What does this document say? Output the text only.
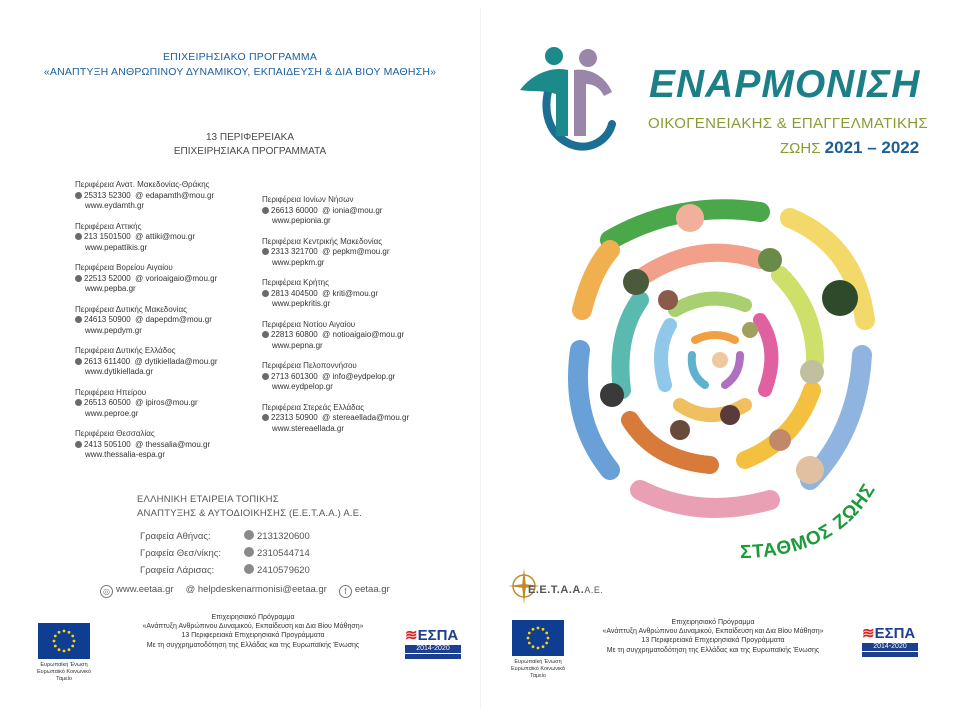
ΕΠΙΧΕΙΡΗΣΙΑΚΟ ΠΡΟΓΡΑΜΜΑ
«ΑΝΑΠΤΥΞΗ ΑΝΘΡΩΠΙΝΟΥ ΔΥΝΑΜΙΚΟΥ, ΕΚΠΑΙΔΕΥΣΗ & ΔΙΑ ΒΙΟΥ ΜΑΘΗΣΗ»
13 ΠΕΡΙΦΕΡΕΙΑΚΑ
ΕΠΙΧΕΙΡΗΣΙΑΚΑ ΠΡΟΓΡΑΜΜΑΤΑ
Περιφέρεια Ανατ. Μακεδονίας-Θράκης
25313 52300 @ edapamth@mou.gr
www.eydamth.gr
Περιφέρεια Αττικής
213 1501500 @ attiki@mou.gr
www.pepattikis.gr
Περιφέρεια Βορείου Αιγαίου
22513 52000 @ vorioaigaio@mou.gr
www.pepba.gr
Περιφέρεια Δυτικής Μακεδονίας
24613 50900 @ dapepdm@mou.gr
www.pepdym.gr
Περιφέρεια Δυτικής Ελλάδος
2613 611400 @ dytikiellada@mou.gr
www.dytikiellada.gr
Περιφέρεια Ηπείρου
26513 60500 @ ipiros@mou.gr
www.peproe.gr
Περιφέρεια Θεσσαλίας
2413 505100 @ thessalia@mou.gr
www.thessalia-espa.gr
Περιφέρεια Ιονίων Νήσων
26613 60000 @ ionia@mou.gr
www.pepionia.gr
Περιφέρεια Κεντρικής Μακεδονίας
2313 321700 @ pepkm@mou.gr
www.pepkm.gr
Περιφέρεια Κρήτης
2813 404500 @ kriti@mou.gr
www.pepkritis.gr
Περιφέρεια Νοτίου Αιγαίου
22813 60800 @ notioaigaio@mou.gr
www.pepna.gr
Περιφέρεια Πελοποννήσου
2713 601300 @ info@eydpelop.gr
www.eydpelop.gr
Περιφέρεια Στερεάς Ελλάδας
22313 50900 @ stereaellada@mou.gr
www.stereaellada.gr
ΕΛΛΗΝΙΚΗ ΕΤΑΙΡΕΙΑ ΤΟΠΙΚΗΣ
ΑΝΑΠΤΥΞΗΣ & ΑΥΤΟΔΙΟΙΚΗΣΗΣ (Ε.Ε.Τ.Α.Α.) Α.Ε.
Γραφεία Αθήνας:	2131320600
Γραφεία Θεσ/νίκης:	2310544714
Γραφεία Λάρισας:	2410579620
◎ www.eetaa.gr @ helpdeskenarmonisi@eetaa.gr f eetaa.gr
Ευρωπαϊκή Ένωση
Ευρωπαϊκό Κοινωνικό Ταμείο
Επιχειρησιακό Πρόγραμμα
«Ανάπτυξη Ανθρώπινου Δυναμικού, Εκπαίδευση και Δια Βίου Μάθηση»
13 Περιφερειακά Επιχειρησιακά Προγράμματα
Με τη συγχρηματοδότηση της Ελλάδας και της Ευρωπαϊκής Ένωσης
≋ΕΣΠΑ
2014-2020
ΕΝΑΡΜΟΝΙΣΗ
ΟΙΚΟΓΕΝΕΙΑΚΗΣ & ΕΠΑΓΓΕΛΜΑΤΙΚΗΣ
ΖΩΗΣ 2021 – 2022
ΣΤΑΘΜΟΣ ΖΩΗΣ
Ε.Ε.Τ.Α.Α.Α.Ε.
Ευρωπαϊκή Ένωση
Ευρωπαϊκό Κοινωνικό Ταμείο
Επιχειρησιακό Πρόγραμμα
«Ανάπτυξη Ανθρώπινου Δυναμικού, Εκπαίδευση και Δια Βίου Μάθηση»
13 Περιφερειακά Επιχειρησιακά Προγράμματα
Με τη συγχρηματοδότηση της Ελλάδας και της Ευρωπαϊκής Ένωσης
≋ΕΣΠΑ
2014-2020
